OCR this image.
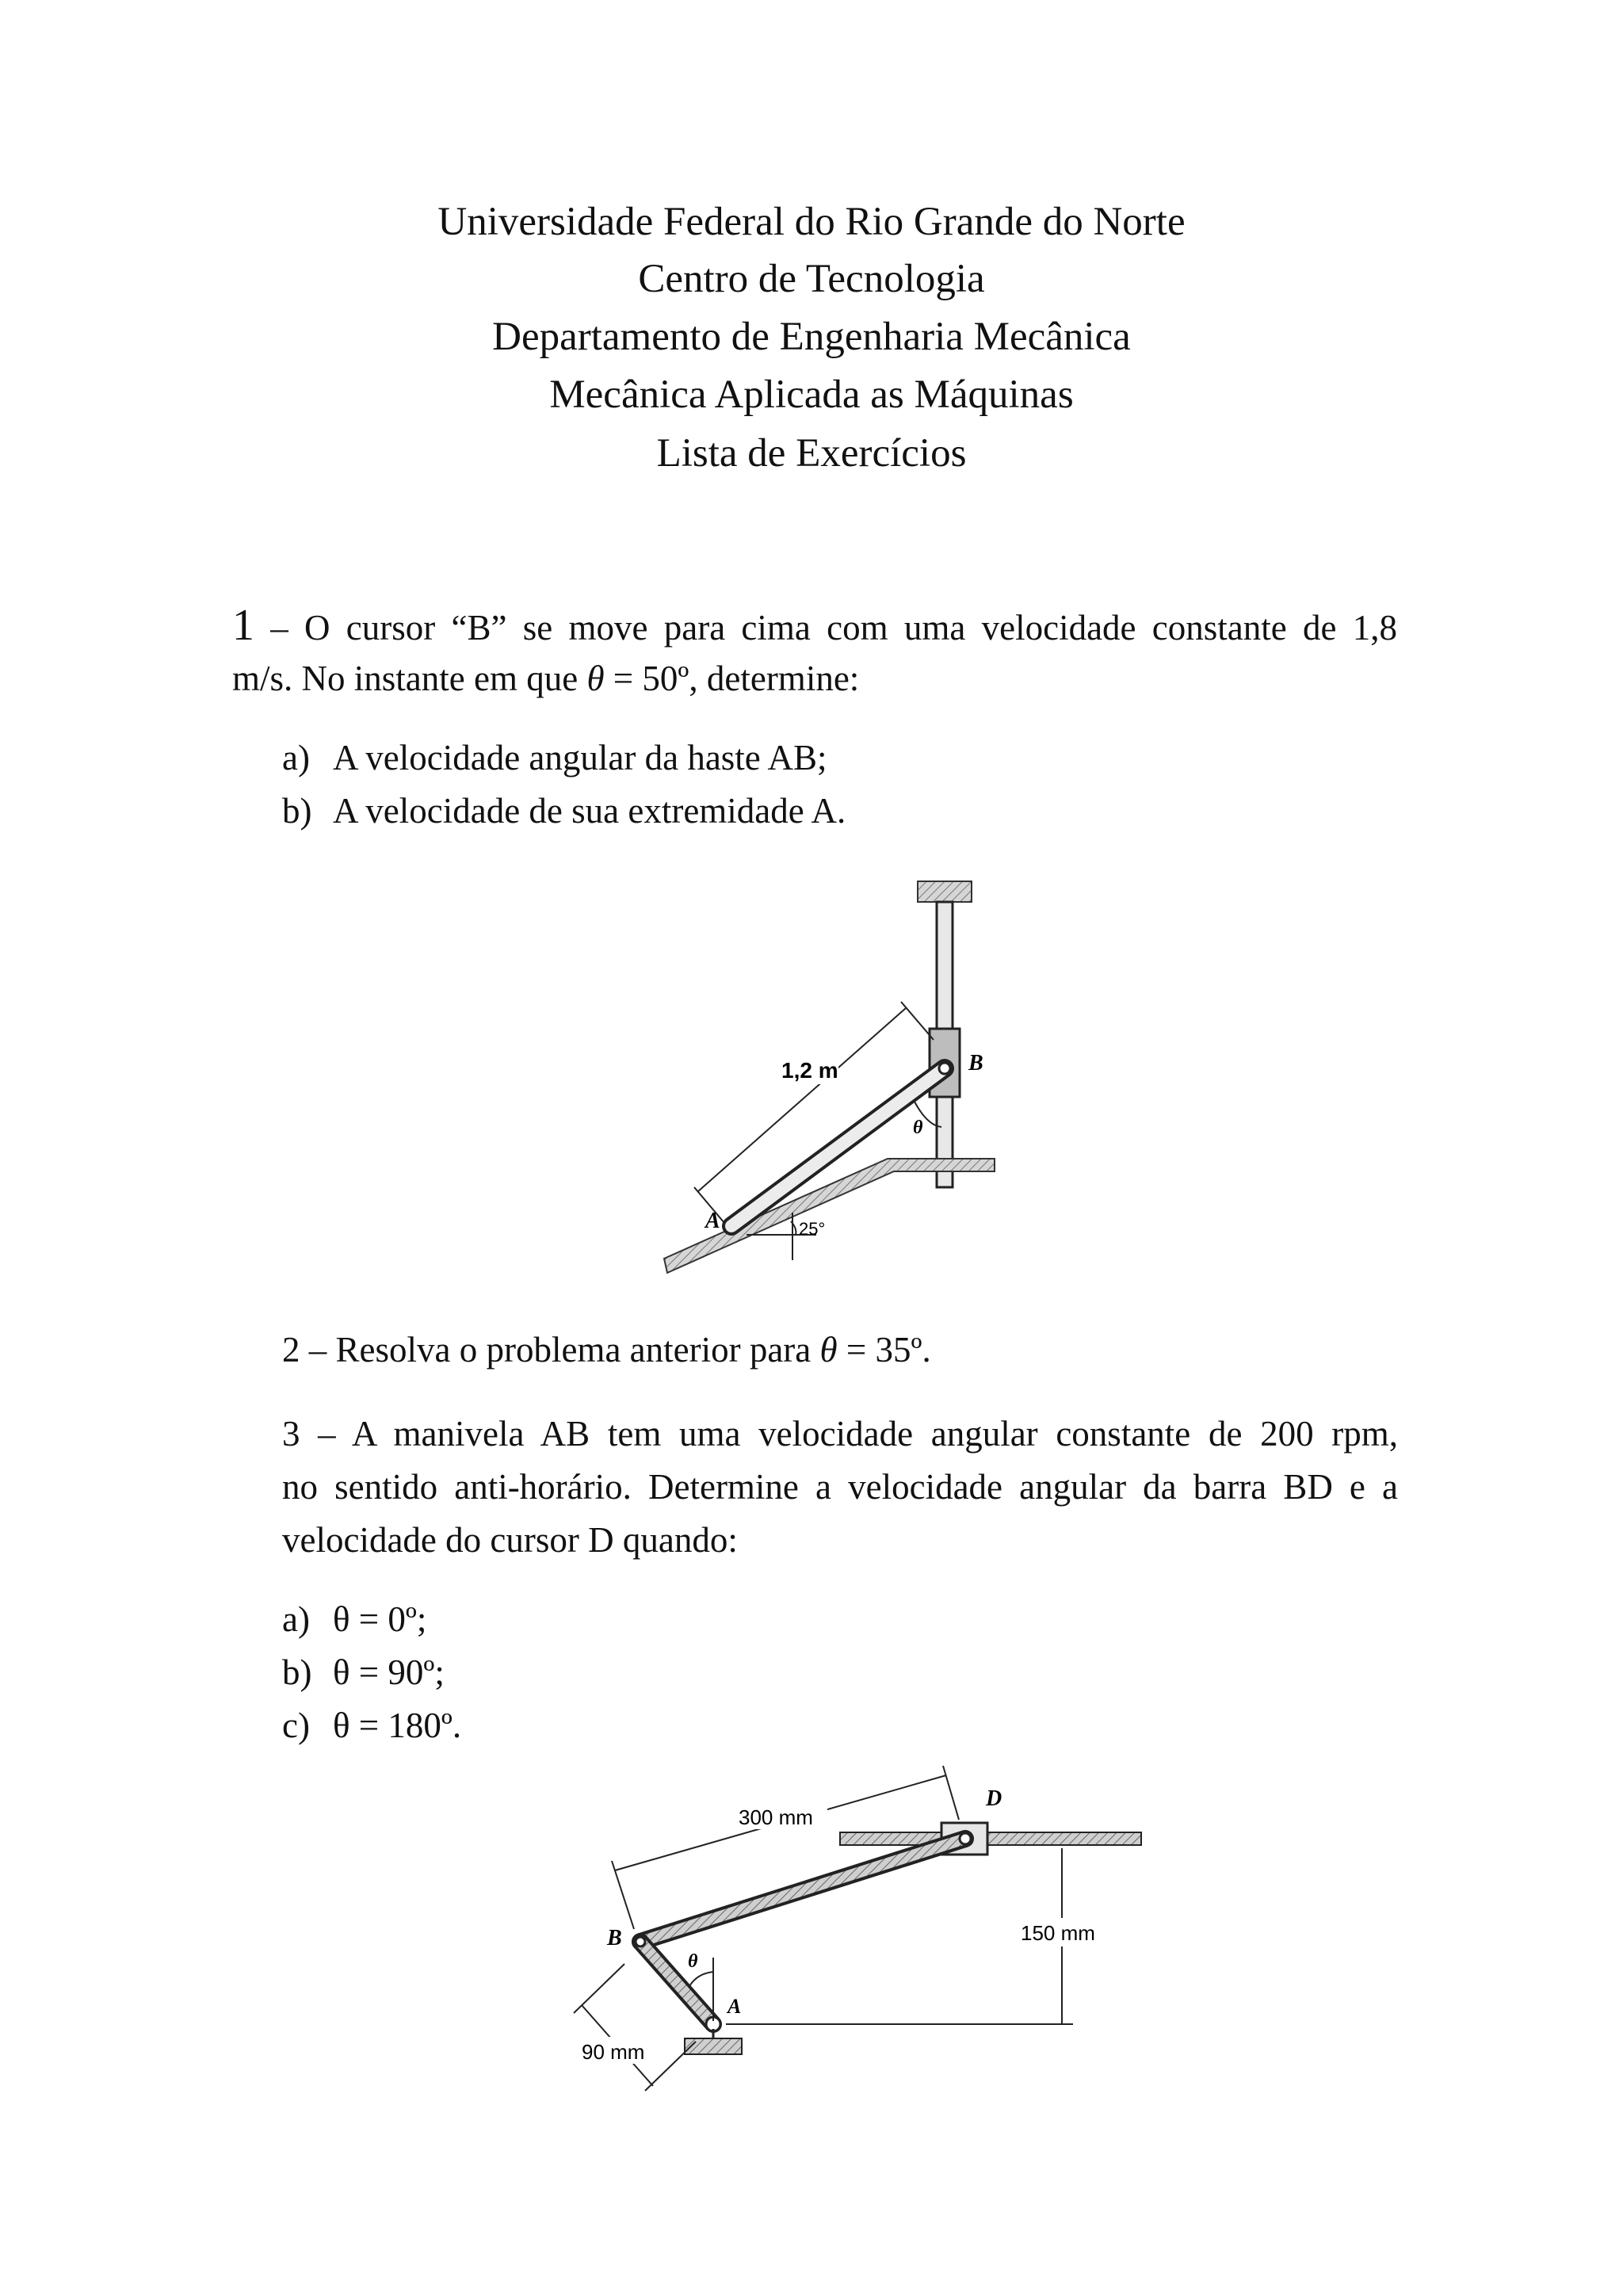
Universidade Federal do Rio Grande do Norte
Centro de Tecnologia
Departamento de Engenharia Mecânica
Mecânica Aplicada as Máquinas
Lista de Exercícios
1 – O cursor “B” se move para cima com uma velocidade constante de 1,8
m/s. No instante em que θ = 50º, determine:
a) A velocidade angular da haste AB;
b) A velocidade de sua extremidade A.
1,2 m	B
A
θ
25°
2 – Resolva o problema anterior para θ = 35º.
3 – A manivela AB tem uma velocidade angular constante de 200 rpm,
no sentido anti-horário. Determine a velocidade angular da barra BD e a
velocidade do cursor D quando:
a) θ = 0º;
b) θ = 90º;
c) θ = 180º.
θ
150 mm
300 mm
D
B
A
90 mm
